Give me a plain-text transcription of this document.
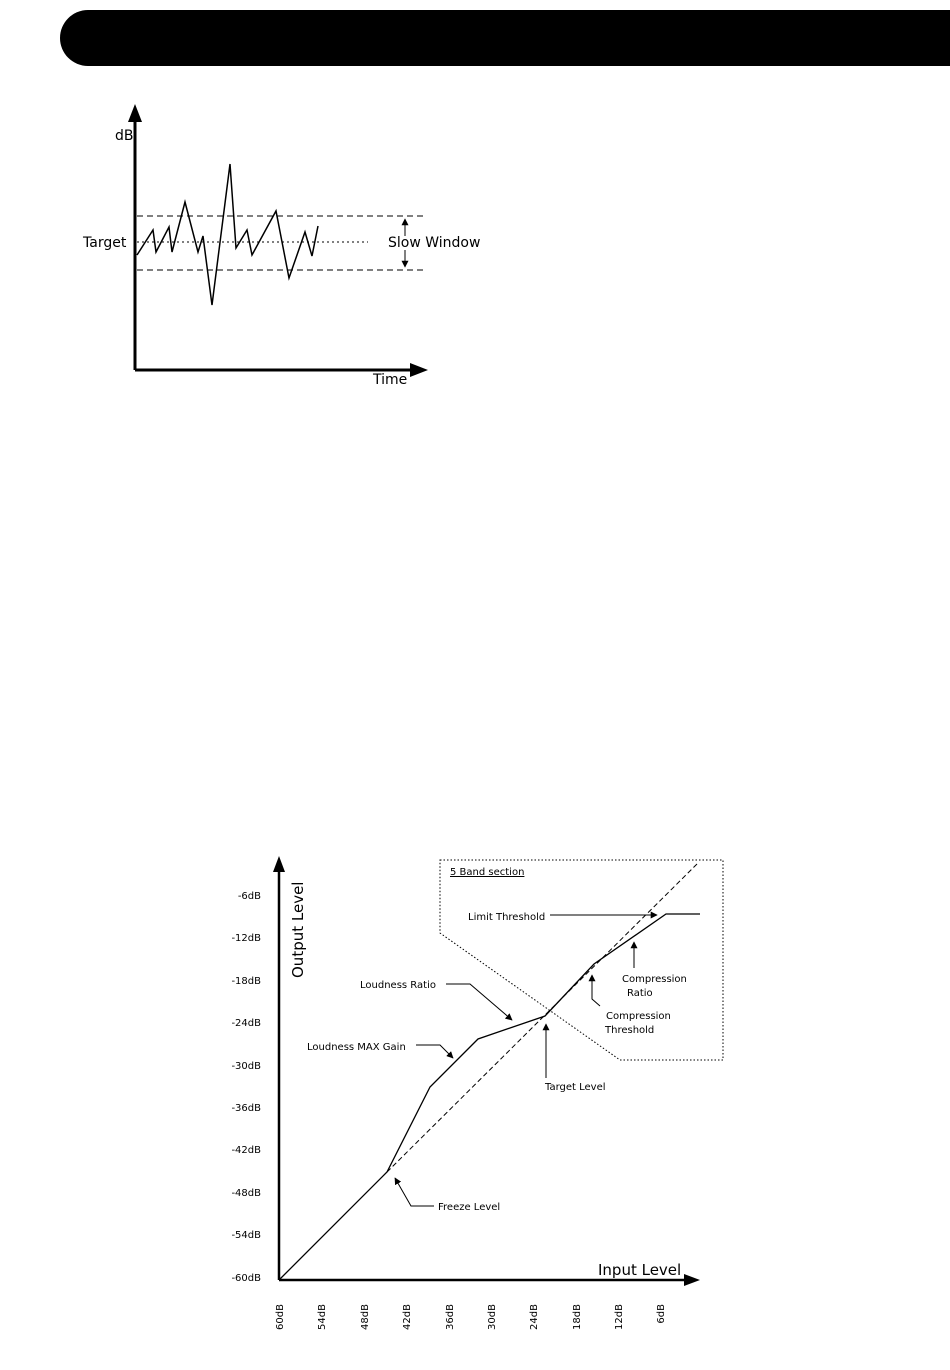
dB
Time
Target	Slow Window
Output Level
Input Level
-6dB
-12dB
-18dB
-24dB
-30dB
-36dB
-42dB
-48dB
-54dB
-60dB
60dB	54dB	48dB	42dB	36dB	30dB	24dB	18dB	12dB	6dB
5 Band section
Limit Threshold
Compression
Ratio
Compression
Threshold
Loudness Ratio
Loudness MAX Gain
Target Level
Freeze Level
